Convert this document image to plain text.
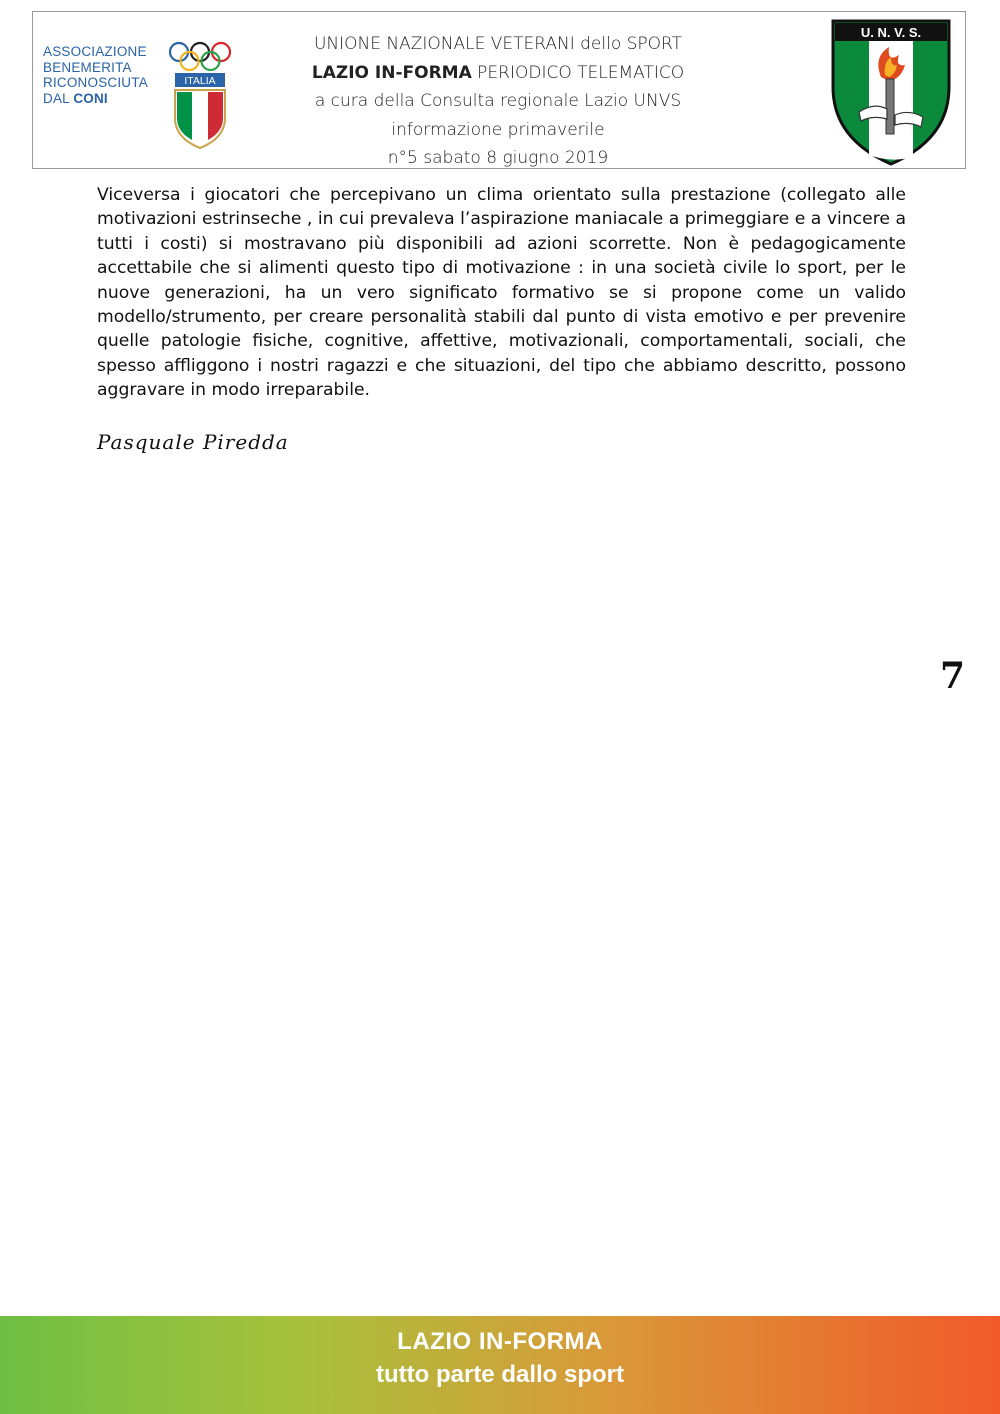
ASSOCIAZIONE
BENEMERITA
RICONOSCIUTA
DAL CONI
ITALIA
UNIONE NAZIONALE VETERANI dello SPORT
LAZIO IN-FORMA PERIODICO TELEMATICO
a cura della Consulta regionale Lazio UNVS
informazione primaverile
n°5 sabato 8 giugno 2019
U. N. V. S.
Viceversa i giocatori che percepivano un clima orientato sulla prestazione (collegato alle motivazioni estrinseche , in cui prevaleva l’aspirazione maniacale a primeggiare e a vincere a tutti i costi) si mostravano più disponibili ad azioni scorrette. Non è pedagogicamente accettabile che si alimenti questo tipo di motivazione : in una società civile lo sport, per le nuove generazioni, ha un vero significato formativo se si propone come un valido modello/strumento, per creare personalità stabili dal punto di vista emotivo e per prevenire quelle patologie fisiche, cognitive, affettive, motivazionali, comportamentali, sociali, che spesso affliggono i nostri ragazzi e che situazioni, del tipo che abbiamo descritto, possono aggravare in modo irreparabile.
Pasquale Piredda
7
LAZIO IN-FORMA
tutto parte dallo sport
